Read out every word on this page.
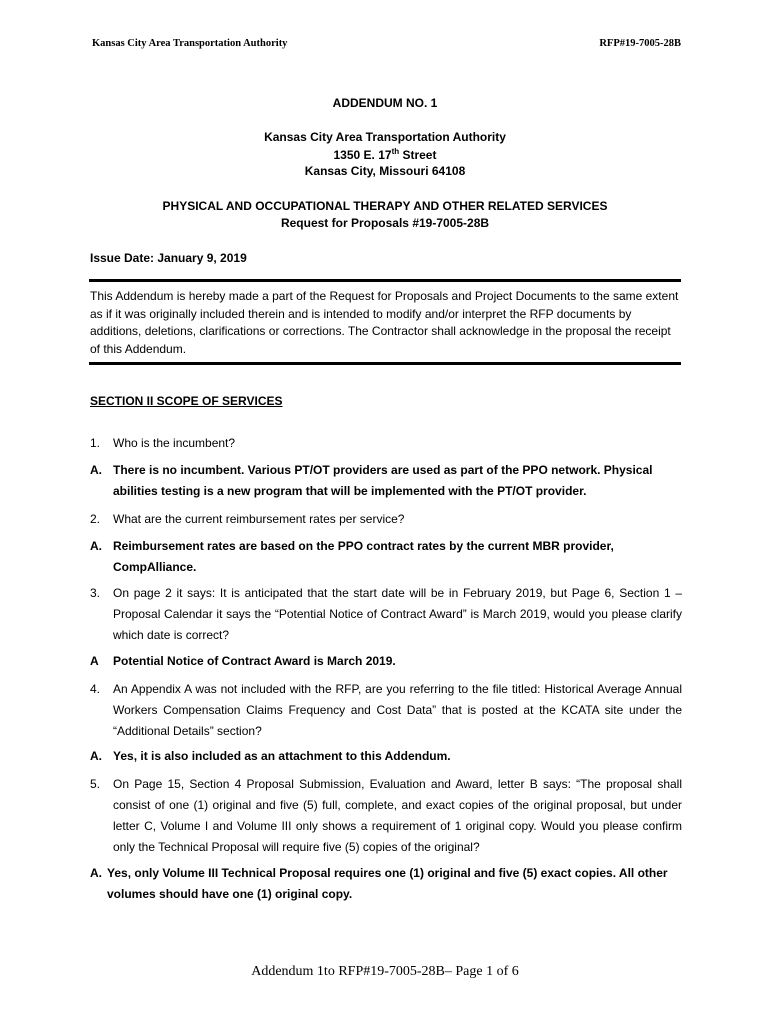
Kansas City Area Transportation Authority	RFP#19-7005-28B
ADDENDUM NO. 1
Kansas City Area Transportation Authority
1350 E. 17th Street
Kansas City, Missouri 64108
PHYSICAL AND OCCUPATIONAL THERAPY AND OTHER RELATED SERVICES
Request for Proposals #19-7005-28B
Issue Date: January 9, 2019
This Addendum is hereby made a part of the Request for Proposals and Project Documents to the same extent as if it was originally included therein and is intended to modify and/or interpret the RFP documents by additions, deletions, clarifications or corrections. The Contractor shall acknowledge in the proposal the receipt of this Addendum.
SECTION II SCOPE OF SERVICES
1. Who is the incumbent?
A. There is no incumbent. Various PT/OT providers are used as part of the PPO network. Physical abilities testing is a new program that will be implemented with the PT/OT provider.
2. What are the current reimbursement rates per service?
A. Reimbursement rates are based on the PPO contract rates by the current MBR provider, CompAlliance.
3. On page 2 it says: It is anticipated that the start date will be in February 2019, but Page 6, Section 1 – Proposal Calendar it says the “Potential Notice of Contract Award” is March 2019, would you please clarify which date is correct?
A Potential Notice of Contract Award is March 2019.
4. An Appendix A was not included with the RFP, are you referring to the file titled: Historical Average Annual Workers Compensation Claims Frequency and Cost Data” that is posted at the KCATA site under the “Additional Details” section?
A. Yes, it is also included as an attachment to this Addendum.
5. On Page 15, Section 4 Proposal Submission, Evaluation and Award, letter B says: “The proposal shall consist of one (1) original and five (5) full, complete, and exact copies of the original proposal, but under letter C, Volume I and Volume III only shows a requirement of 1 original copy. Would you please confirm only the Technical Proposal will require five (5) copies of the original?
A. Yes, only Volume III Technical Proposal requires one (1) original and five (5) exact copies. All other volumes should have one (1) original copy.
Addendum 1to RFP#19-7005-28B– Page 1 of 6
